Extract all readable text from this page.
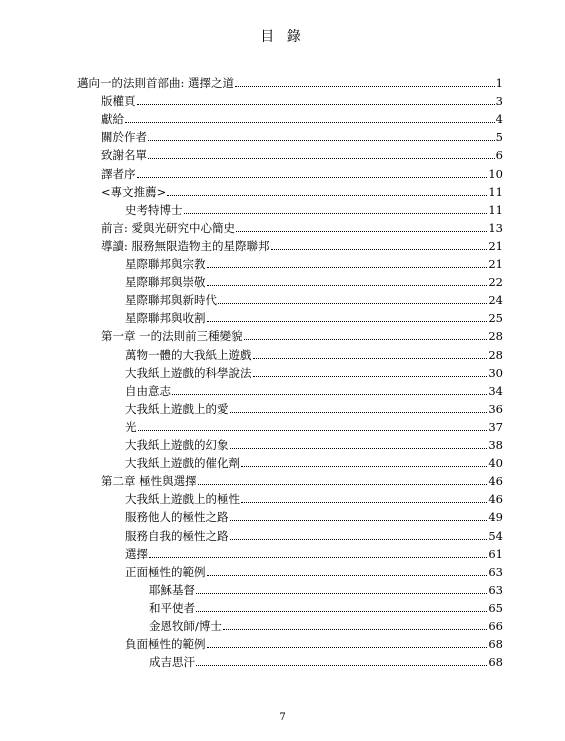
目 錄
邁向一的法則首部曲: 選擇之道	1
版權頁	3
獻給	4
關於作者	5
致謝名單	6
譯者序	10
<專文推薦>	11
史考特博士	11
前言: 愛與光研究中心簡史	13
導讀: 服務無限造物主的星際聯邦	21
星際聯邦與宗教	21
星際聯邦與崇敬	22
星際聯邦與新時代	24
星際聯邦與收割	25
第一章 一的法則前三種變貌	28
萬物一體的大我紙上遊戲	28
大我紙上遊戲的科學說法	30
自由意志	34
大我紙上遊戲上的愛	36
光	37
大我紙上遊戲的幻象	38
大我紙上遊戲的催化劑	40
第二章 極性與選擇	46
大我紙上遊戲上的極性	46
服務他人的極性之路	49
服務自我的極性之路	54
選擇	61
正面極性的範例	63
耶穌基督	63
和平使者	65
金恩牧師/博士	66
負面極性的範例	68
成吉思汗	68
7
